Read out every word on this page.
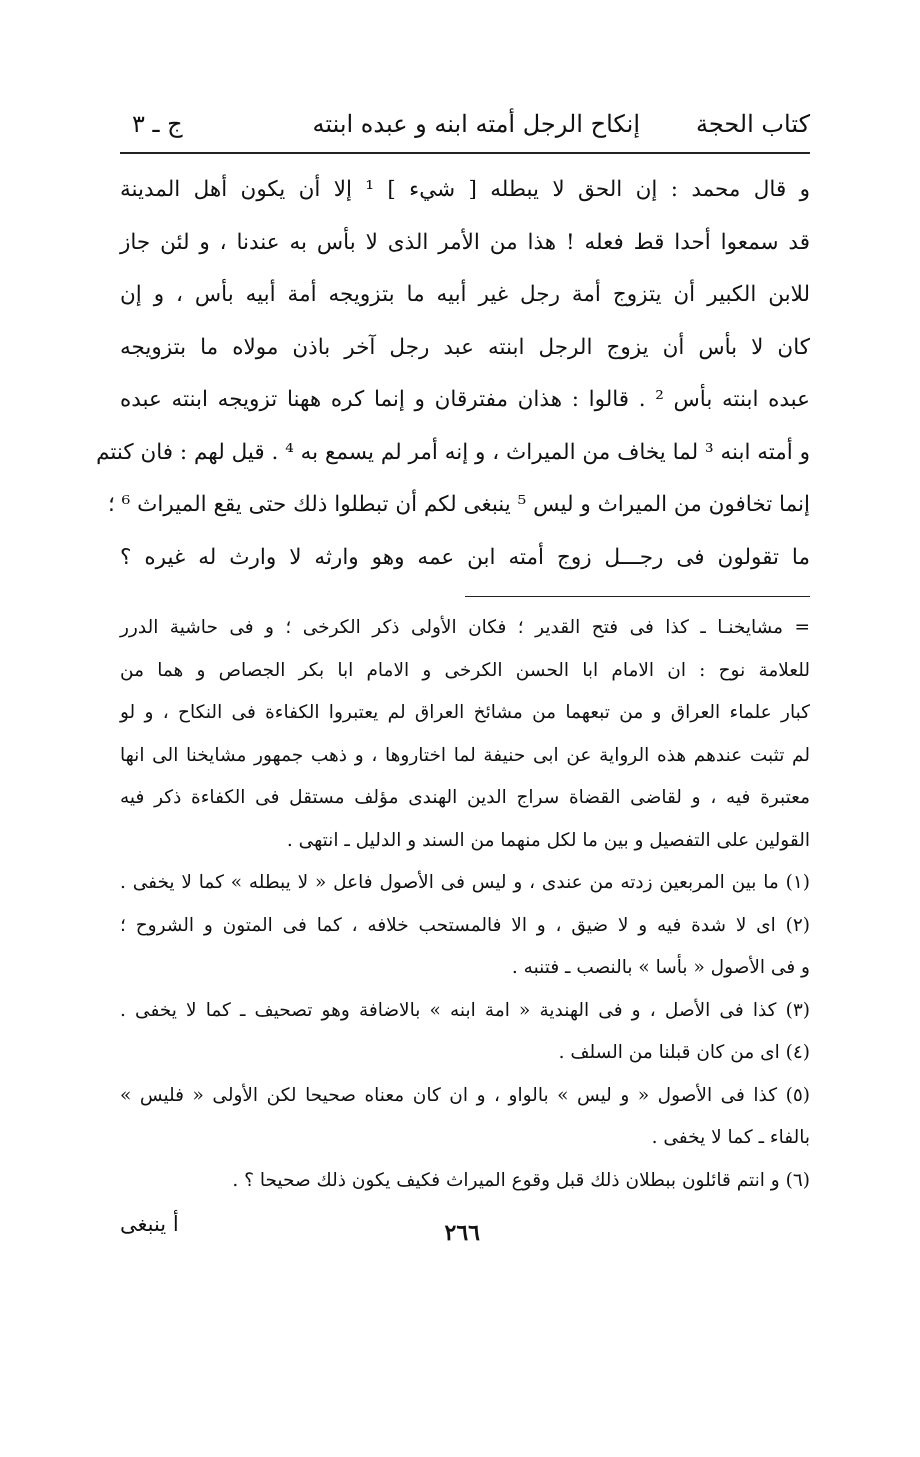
كتاب الحجة
إنكاح الرجل أمته ابنه و عبده ابنته
ج ـ ٣
و قال محمد : إن الحق لا يبطله [ شيء ] ¹ إلا أن يكون أهل المدينة
قد سمعوا أحدا قط فعله ! هذا من الأمر الذى لا بأس به عندنا ، و لئن جاز
للابن الكبير أن يتزوج أمة رجل غير أبيه ما بتزويجه أمة أبيه بأس ، و إن
كان لا بأس أن يزوج الرجل ابنته عبد رجل آخر باذن مولاه ما بتزويجه
عبده ابنته بأس ² . قالوا : هذان مفترقان و إنما كره ههنا تزويجه ابنته عبده
و أمته ابنه ³ لما يخاف من الميراث ، و إنه أمر لم يسمع به ⁴ . قيل لهم : فان كنتم
إنما تخافون من الميراث و ليس ⁵ ينبغى لكم أن تبطلوا ذلك حتى يقع الميراث ⁶ ؛
ما تقولون فى رجـــل زوج أمته ابن عمه وهو وارثه لا وارث له غيره ؟
= مشايخنـا ـ كذا فى فتح القدير ؛ فكان الأولى ذكر الكرخى ؛ و فى حاشية الدرر
للعلامة نوح : ان الامام ابا الحسن الكرخى و الامام ابا بكر الجصاص و هما من
كبار علماء العراق و من تبعهما من مشائخ العراق لم يعتبروا الكفاءة فى النكاح ، و لو
لم تثبت عندهم هذه الرواية عن ابى حنيفة لما اختاروها ، و ذهب جمهور مشايخنا الى انها
معتبرة فيه ، و لقاضى القضاة سراج الدين الهندى مؤلف مستقل فى الكفاءة ذكر فيه
القولين على التفصيل و بين ما لكل منهما من السند و الدليل ـ انتهى .
(١) ما بين المربعين زدته من عندى ، و ليس فى الأصول فاعل « لا يبطله » كما لا يخفى .
(٢) اى لا شدة فيه و لا ضيق ، و الا فالمستحب خلافه ، كما فى المتون و الشروح ؛
و فى الأصول « بأسا » بالنصب ـ فتنبه .
(٣) كذا فى الأصل ، و فى الهندية « امة ابنه » بالاضافة وهو تصحيف ـ كما لا يخفى .
(٤) اى من كان قبلنا من السلف .
(٥) كذا فى الأصول « و ليس » بالواو ، و ان كان معناه صحيحا لكن الأولى « فليس »
بالفاء ـ كما لا يخفى .
(٦) و انتم قائلون ببطلان ذلك قبل وقوع الميراث فكيف يكون ذلك صحيحا ؟ .
٢٦٦
أ ينبغى
